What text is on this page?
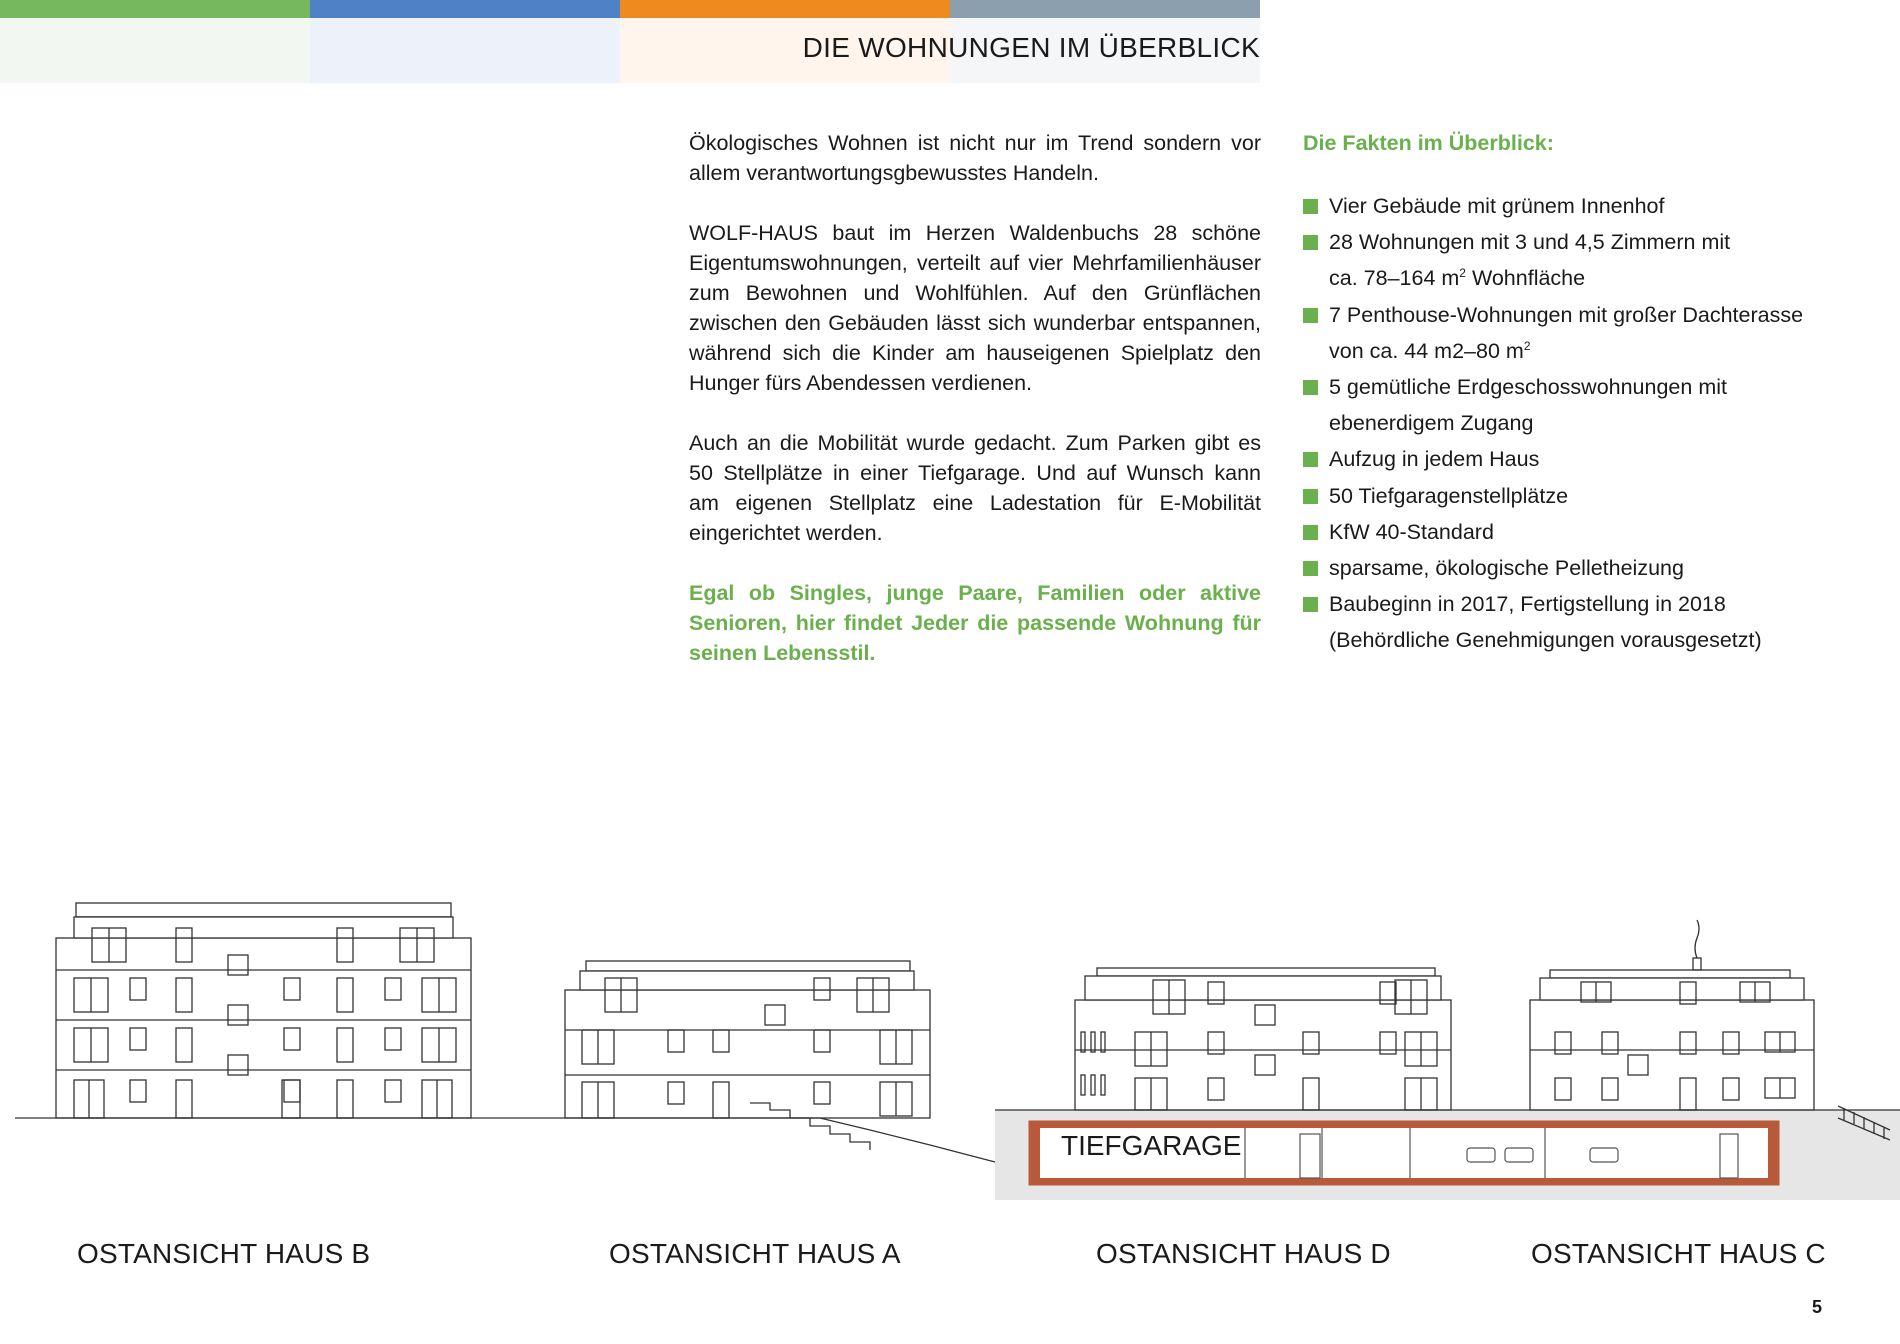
DIE WOHNUNGEN IM ÜBERBLICK

Ökologisches Wohnen ist nicht nur im Trend sondern vor allem verantwortungsgbewusstes Handeln.

WOLF-HAUS baut im Herzen Waldenbuchs 28 schöne Eigentumswohnungen, verteilt auf vier Mehrfamilienhäuser zum Bewohnen und Wohlfühlen. Auf den Grünflächen zwischen den Gebäuden lässt sich wunderbar entspannen, während sich die Kinder am hauseigenen Spielplatz den Hunger fürs Abendessen verdienen.

Auch an die Mobilität wurde gedacht. Zum Parken gibt es 50 Stellplätze in einer Tiefgarage. Und auf Wunsch kann am eigenen Stellplatz eine Ladestation für E-Mobilität eingerichtet werden.

Egal ob Singles, junge Paare, Familien oder aktive Senioren, hier findet Jeder die passende Wohnung für seinen Lebensstil.

Die Fakten im Überblick:
Vier Gebäude mit grünem Innenhof
28 Wohnungen mit 3 und 4,5 Zimmern mit
ca. 78–164 $m^2$ Wohnfläche
7 Penthouse-Wohnungen mit großer Dachterasse
von ca. 44 m2–80 $m^2$
5 gemütliche Erdgeschosswohnungen mit
ebenerdigem Zugang
Aufzug in jedem Haus
50 Tiefgaragenstellplätze
KfW 40-Standard
sparsame, ökologische Pelletheizung
Baubeginn in 2017, Fertigstellung in 2018
(Behördliche Genehmigungen vorausgesetzt)
TIEFGARAGE
OSTANSICHT HAUS B	OSTANSICHT HAUS A	OSTANSICHT HAUS D	OSTANSICHT HAUS C
5
